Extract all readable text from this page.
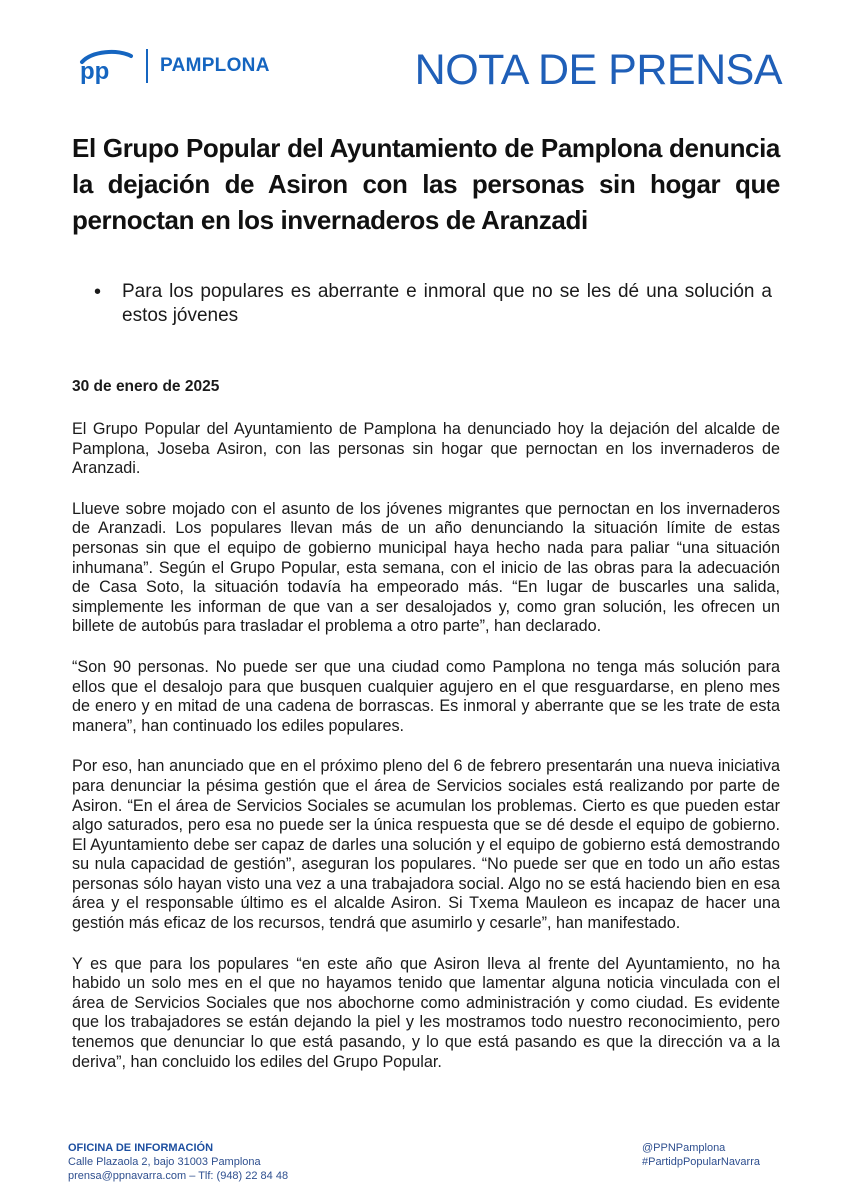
pp	PAMPLONA	NOTA DE PRENSA
El Grupo Popular del Ayuntamiento de Pamplona denuncia la dejación de Asiron con las personas sin hogar que pernoctan en los invernaderos de Aranzadi
• Para los populares es aberrante e inmoral que no se les dé una solución a estos jóvenes

30 de enero de 2025

El Grupo Popular del Ayuntamiento de Pamplona ha denunciado hoy la dejación del alcalde de Pamplona, Joseba Asiron, con las personas sin hogar que pernoctan en los invernaderos de Aranzadi.

Llueve sobre mojado con el asunto de los jóvenes migrantes que pernoctan en los invernaderos de Aranzadi. Los populares llevan más de un año denunciando la situación límite de estas personas sin que el equipo de gobierno municipal haya hecho nada para paliar “una situación inhumana”. Según el Grupo Popular, esta semana, con el inicio de las obras para la adecuación de Casa Soto, la situación todavía ha empeorado más. “En lugar de buscarles una salida, simplemente les informan de que van a ser desalojados y, como gran solución, les ofrecen un billete de autobús para trasladar el problema a otro parte”, han declarado.

“Son 90 personas. No puede ser que una ciudad como Pamplona no tenga más solución para ellos que el desalojo para que busquen cualquier agujero en el que resguardarse, en pleno mes de enero y en mitad de una cadena de borrascas. Es inmoral y aberrante que se les trate de esta manera”, han continuado los ediles populares.

Por eso, han anunciado que en el próximo pleno del 6 de febrero presentarán una nueva iniciativa para denunciar la pésima gestión que el área de Servicios sociales está realizando por parte de Asiron. “En el área de Servicios Sociales se acumulan los problemas. Cierto es que pueden estar algo saturados, pero esa no puede ser la única respuesta que se dé desde el equipo de gobierno. El Ayuntamiento debe ser capaz de darles una solución y el equipo de gobierno está demostrando su nula capacidad de gestión”, aseguran los populares. “No puede ser que en todo un año estas personas sólo hayan visto una vez a una trabajadora social. Algo no se está haciendo bien en esa área y el responsable último es el alcalde Asiron. Si Txema Mauleon es incapaz de hacer una gestión más eficaz de los recursos, tendrá que asumirlo y cesarle”, han manifestado.

Y es que para los populares “en este año que Asiron lleva al frente del Ayuntamiento, no ha habido un solo mes en el que no hayamos tenido que lamentar alguna noticia vinculada con el área de Servicios Sociales que nos abochorne como administración y como ciudad. Es evidente que los trabajadores se están dejando la piel y les mostramos todo nuestro reconocimiento, pero tenemos que denunciar lo que está pasando, y lo que está pasando es que la dirección va a la deriva”, han concluido los ediles del Grupo Popular.

OFICINA DE INFORMACIÓN
Calle Plazaola 2, bajo 31003 Pamplona
prensa@ppnavarra.com – Tlf: (948) 22 84 48
@PPNPamplona
#PartidpPopularNavarra
